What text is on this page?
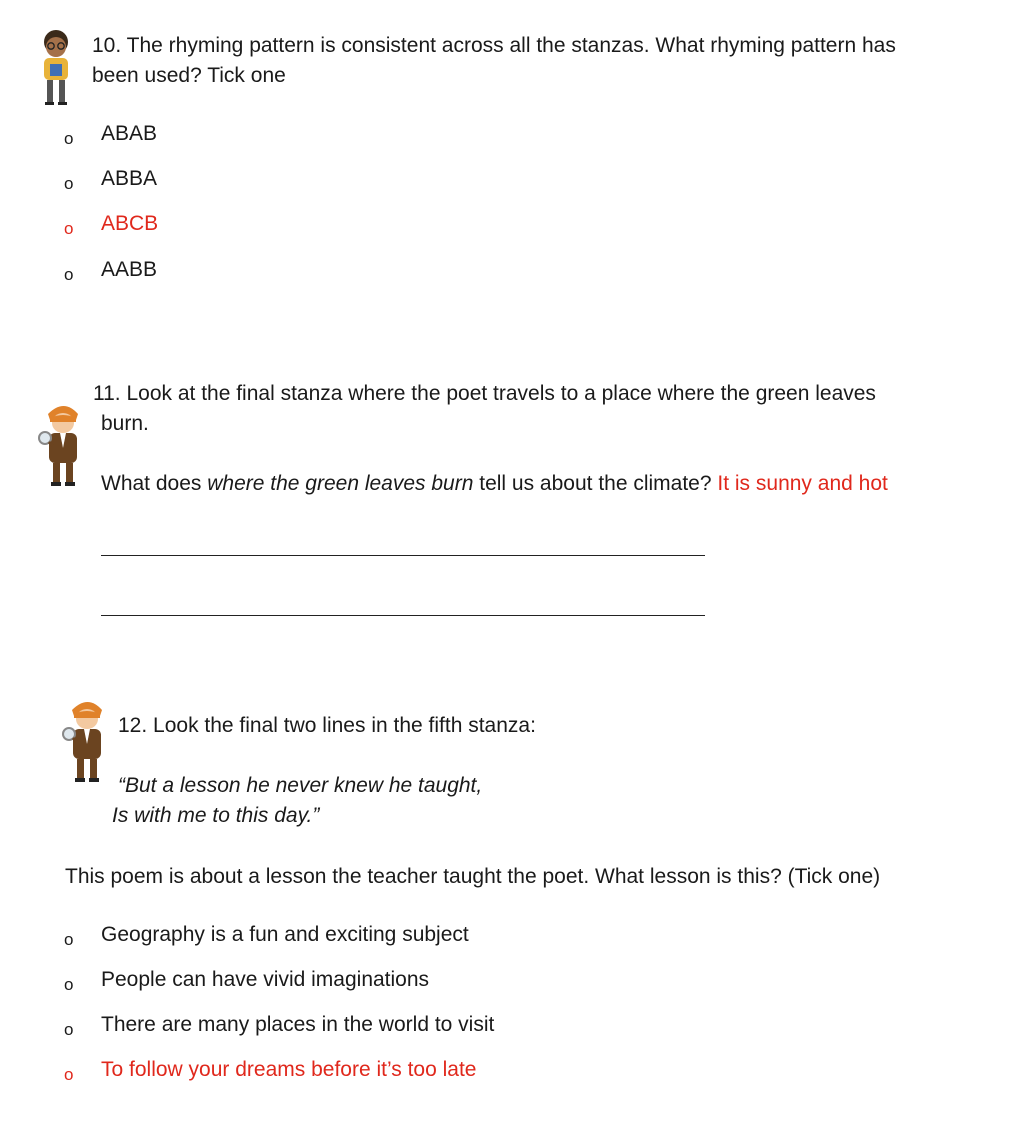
10. The rhyming pattern is consistent across all the stanzas. What rhyming pattern has
been used? Tick one
o ABAB
o ABBA
o ABCB
o AABB
11. Look at the final stanza where the poet travels to a place where the green leaves
burn.
What does where the green leaves burn tell us about the climate? It is sunny and hot
12. Look the final two lines in the fifth stanza:
“But a lesson he never knew he taught,
Is with me to this day.”
This poem is about a lesson the teacher taught the poet. What lesson is this? (Tick one)
o Geography is a fun and exciting subject
o People can have vivid imaginations
o There are many places in the world to visit
o To follow your dreams before it’s too late
